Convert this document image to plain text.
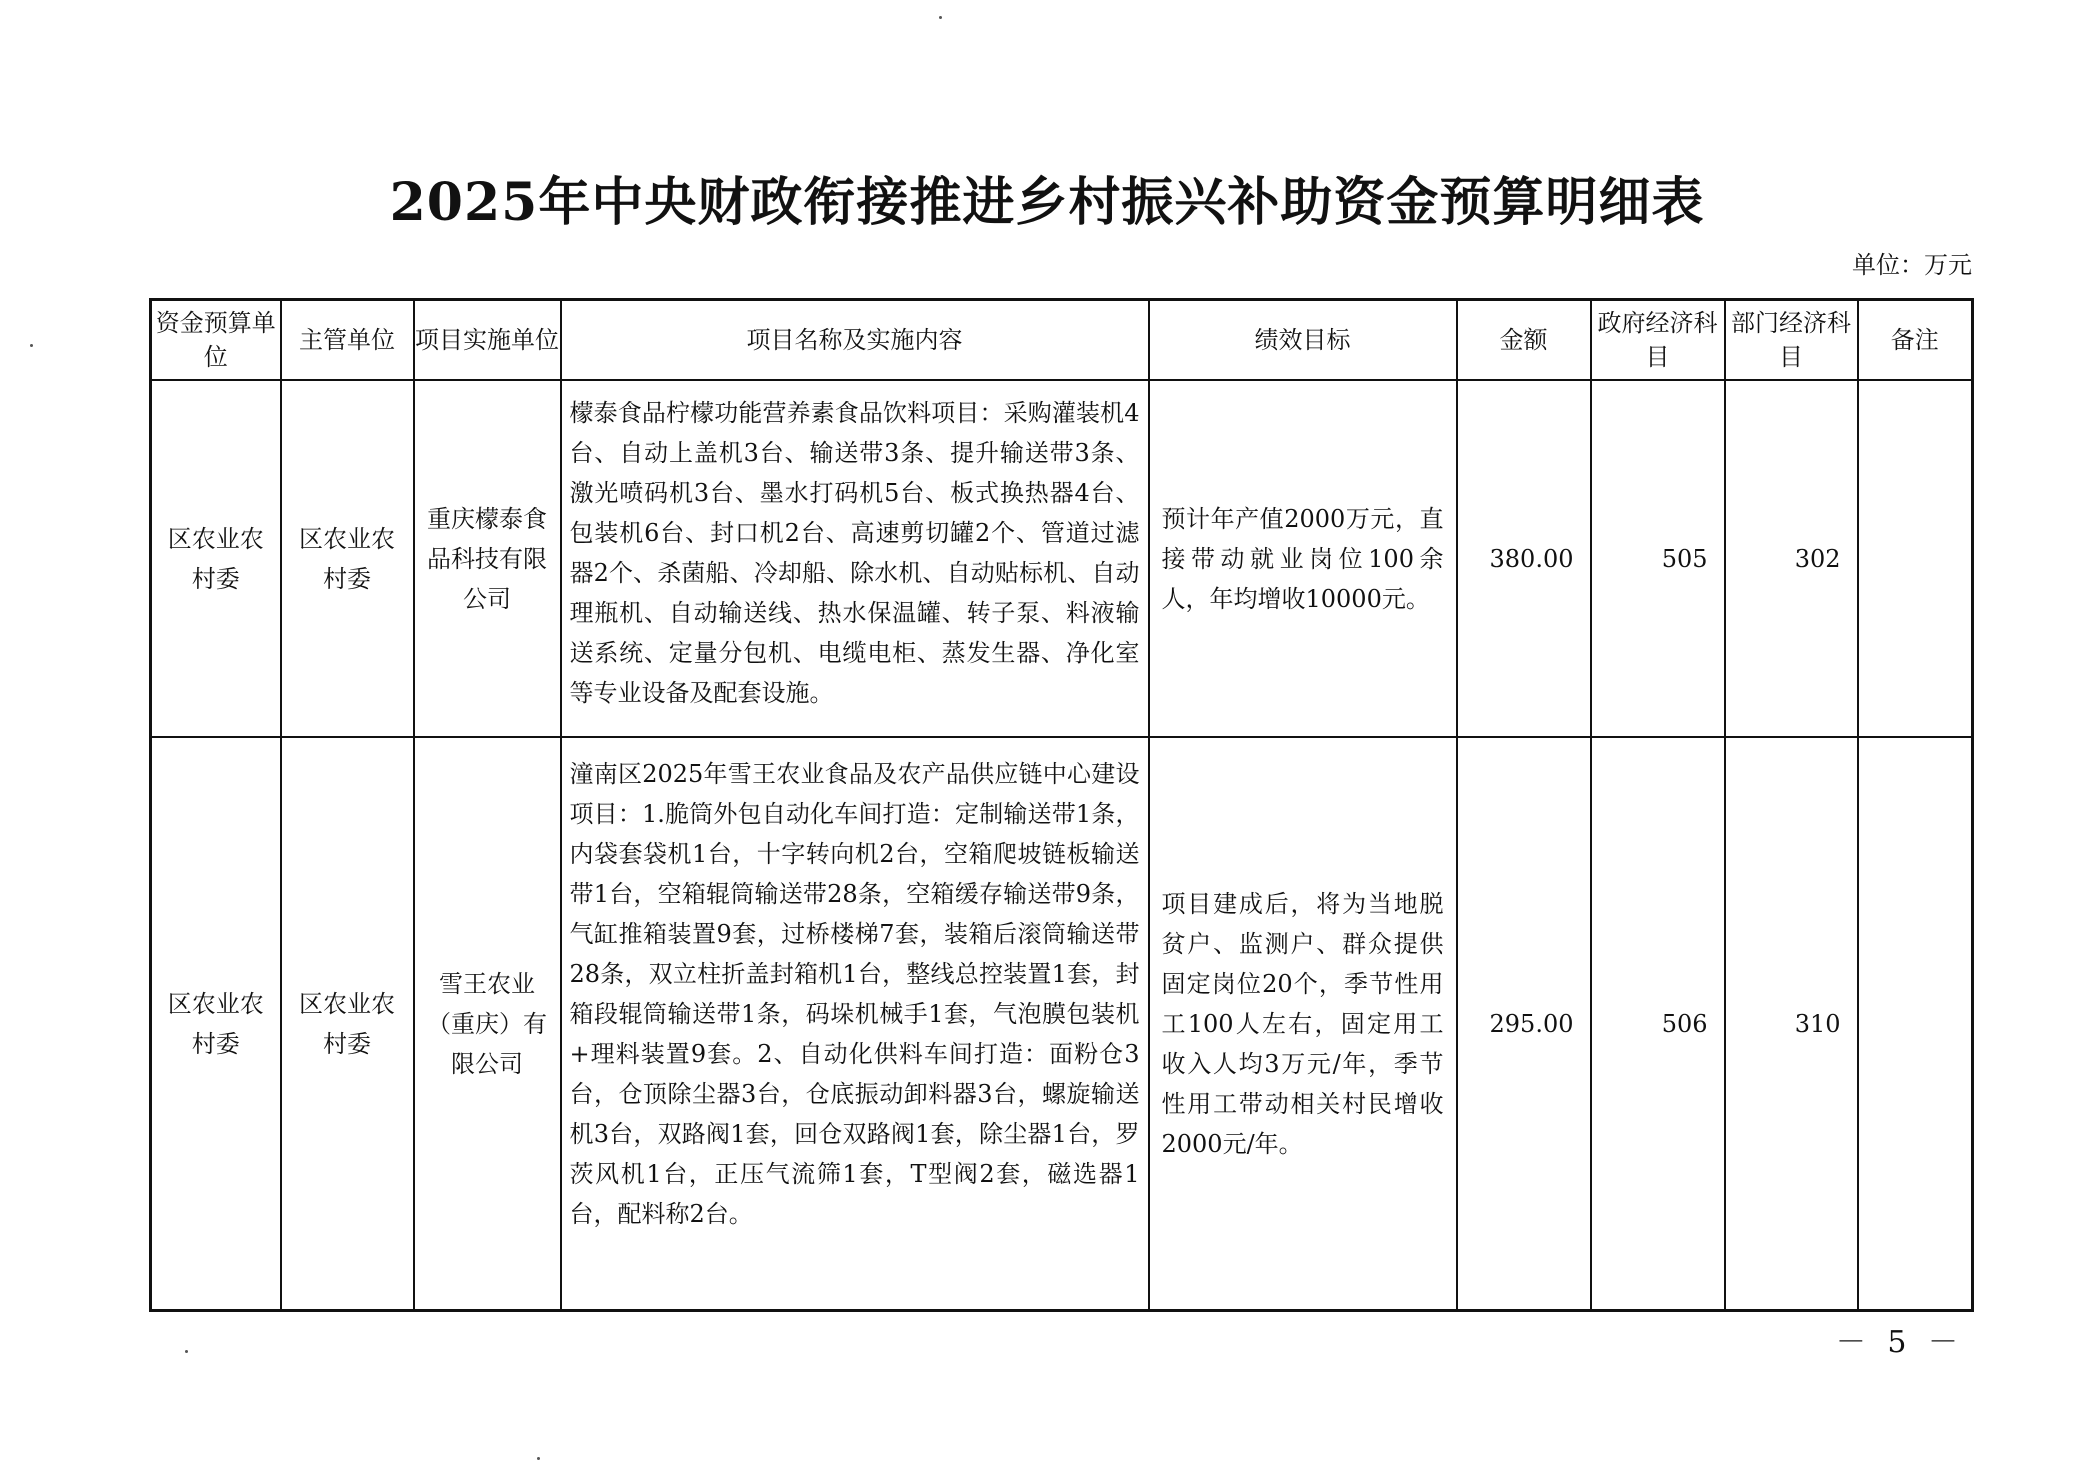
2025年中央财政衔接推进乡村振兴补助资金预算明细表
单位：万元
资金预算单位	主管单位	项目实施单位	项目名称及实施内容	绩效目标	金额	政府经济科目	部门经济科目	备注
区农业农村委	区农业农村委	重庆檬泰食品科技有限公司	檬泰食品柠檬功能营养素食品饮料项目：采购灌装机4台、自动上盖机3台、输送带3条、提升输送带3条、激光喷码机3台、墨水打码机5台、板式换热器4台、包装机6台、封口机2台、高速剪切罐2个、管道过滤器2个、杀菌船、冷却船、除水机、自动贴标机、自动理瓶机、自动输送线、热水保温罐、转子泵、料液输送系统、定量分包机、电缆电柜、蒸发生器、净化室等专业设备及配套设施。	预计年产值2000万元，直接带动就业岗位100余人，年均增收10000元。	380.00	505	302	
区农业农村委	区农业农村委	雪王农业（重庆）有限公司	潼南区2025年雪王农业食品及农产品供应链中心建设项目：1.脆筒外包自动化车间打造：定制输送带1条，内袋套袋机1台，十字转向机2台，空箱爬坡链板输送带1台，空箱辊筒输送带28条，空箱缓存输送带9条，气缸推箱装置9套，过桥楼梯7套，装箱后滚筒输送带28条，双立柱折盖封箱机1台，整线总控装置1套，封箱段辊筒输送带1条，码垛机械手1套，气泡膜包装机+理料装置9套。2、自动化供料车间打造：面粉仓3台，仓顶除尘器3台，仓底振动卸料器3台，螺旋输送机3台，双路阀1套，回仓双路阀1套，除尘器1台，罗茨风机1台，正压气流筛1套，T型阀2套，磁选器1台，配料称2台。	项目建成后，将为当地脱贫户、监测户、群众提供固定岗位20个，季节性用工100人左右，固定用工收入人均3万元/年，季节性用工带动相关村民增收2000元/年。	295.00	506	310	
－ 5 －
